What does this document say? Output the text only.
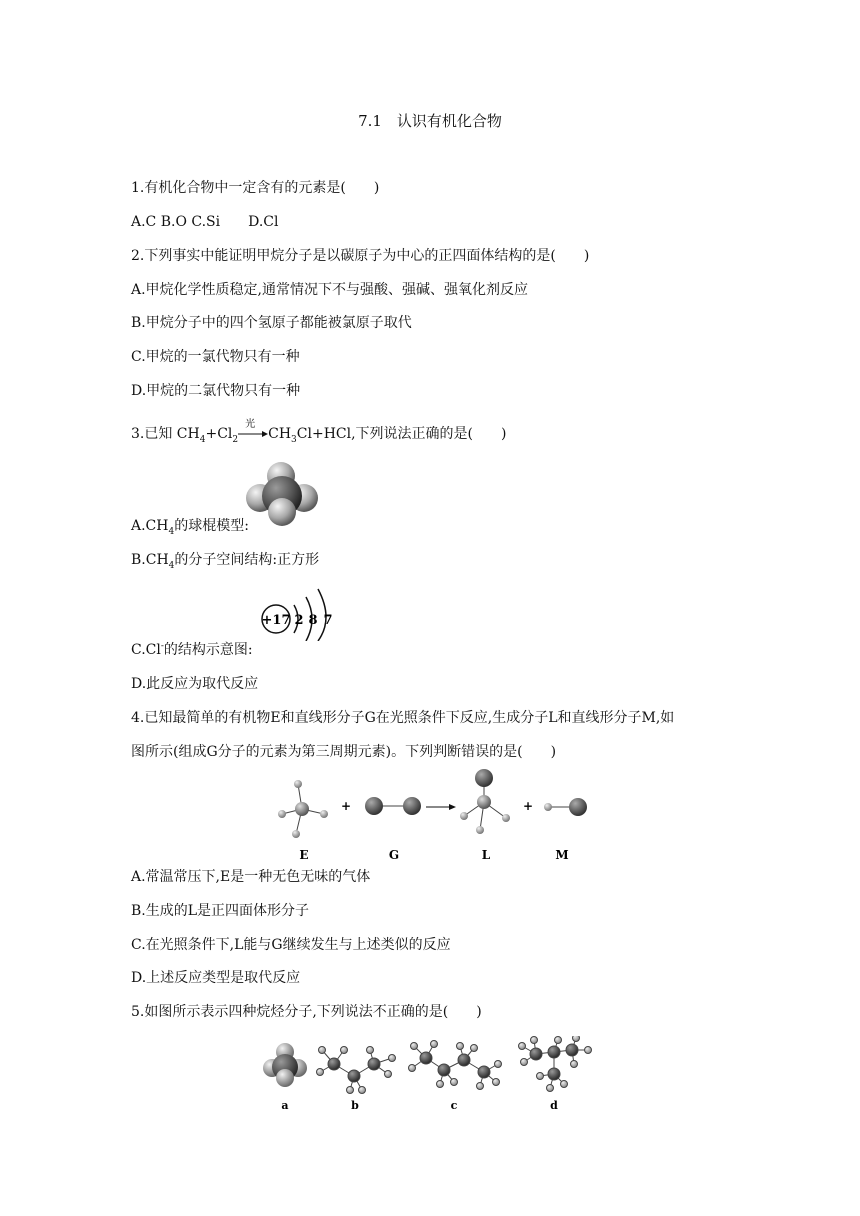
7.1　认识有机化合物
1.有机化合物中一定含有的元素是(　　)
A.C B.O C.Si　　D.Cl
2.下列事实中能证明甲烷分子是以碳原子为中心的正四面体结构的是(　　)
A.甲烷化学性质稳定,通常情况下不与强酸、强碱、强氧化剂反应
B.甲烷分子中的四个氢原子都能被氯原子取代
C.甲烷的一氯代物只有一种
D.甲烷的二氯代物只有一种
3.已知 $CH_4+Cl_2$
光
$CH_3Cl+HCl$,下列说法正确的是(　　)
$A.CH_4$的球棍模型:
$B.CH_4$的分子空间结构:正方形
+17 2 8 7
C.Cl-的结构示意图:
D.此反应为取代反应
4.已知最简单的有机物E和直线形分子G在光照条件下反应,生成分子L和直线形分子M,如
图所示(组成G分子的元素为第三周期元素)。下列判断错误的是(　　)
+	+
E	G	L	M
A.常温常压下,E是一种无色无味的气体
B.生成的L是正四面体形分子
C.在光照条件下,L能与G继续发生与上述类似的反应
D.上述反应类型是取代反应
5.如图所示表示四种烷烃分子,下列说法不正确的是(　　)
a	b	c	d
